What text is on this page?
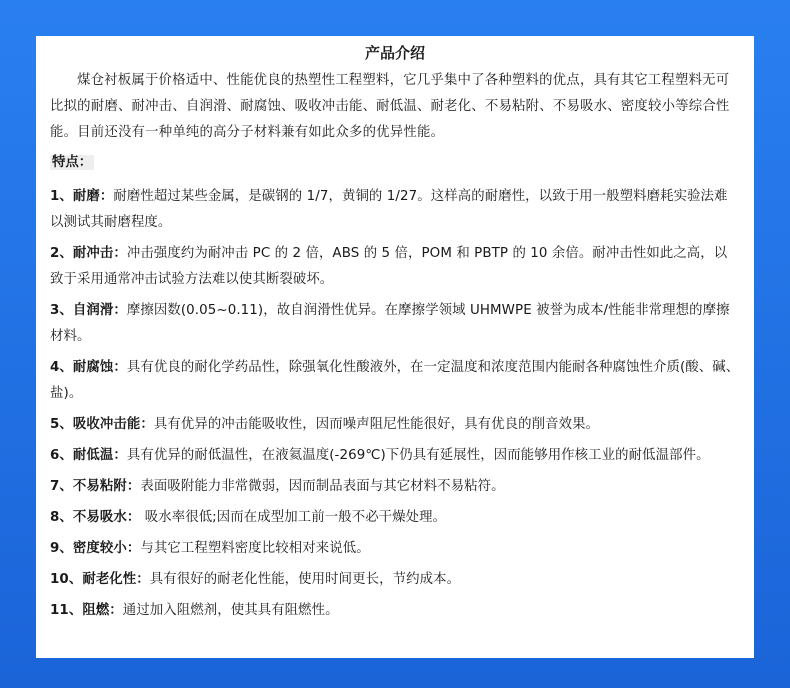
产品介绍

煤仓衬板属于价格适中、性能优良的热塑性工程塑料，它几乎集中了各种塑料的优点，具有其它工程塑料无可比拟的耐磨、耐冲击、自润滑、耐腐蚀、吸收冲击能、耐低温、耐老化、不易粘附、不易吸水、密度较小等综合性能。目前还没有一种单纯的高分子材料兼有如此众多的优异性能。

特点：

1、耐磨：耐磨性超过某些金属，是碳钢的 1/7，黄铜的 1/27。这样高的耐磨性，以致于用一般塑料磨耗实验法难以测试其耐磨程度。

2、耐冲击：冲击强度约为耐冲击 PC 的 2 倍，ABS 的 5 倍，POM 和 PBTP 的 10 余倍。耐冲击性如此之高，以致于采用通常冲击试验方法难以使其断裂破坏。

3、自润滑：摩擦因数(0.05~0.11)，故自润滑性优异。在摩擦学领域 UHMWPE 被誉为成本/性能非常理想的摩擦材料。

4、耐腐蚀：具有优良的耐化学药品性，除强氧化性酸液外，在一定温度和浓度范围内能耐各种腐蚀性介质(酸、碱、盐)。

5、吸收冲击能：具有优异的冲击能吸收性，因而噪声阻尼性能很好，具有优良的削音效果。

6、耐低温：具有优异的耐低温性，在液氦温度(-269℃)下仍具有延展性，因而能够用作核工业的耐低温部件。

7、不易粘附：表面吸附能力非常微弱，因而制品表面与其它材料不易粘符。

8、不易吸水： 吸水率很低;因而在成型加工前一般不必干燥处理。

9、密度较小：与其它工程塑料密度比较相对来说低。

10、耐老化性：具有很好的耐老化性能，使用时间更长，节约成本。

11、阻燃：通过加入阻燃剂，使其具有阻燃性。
